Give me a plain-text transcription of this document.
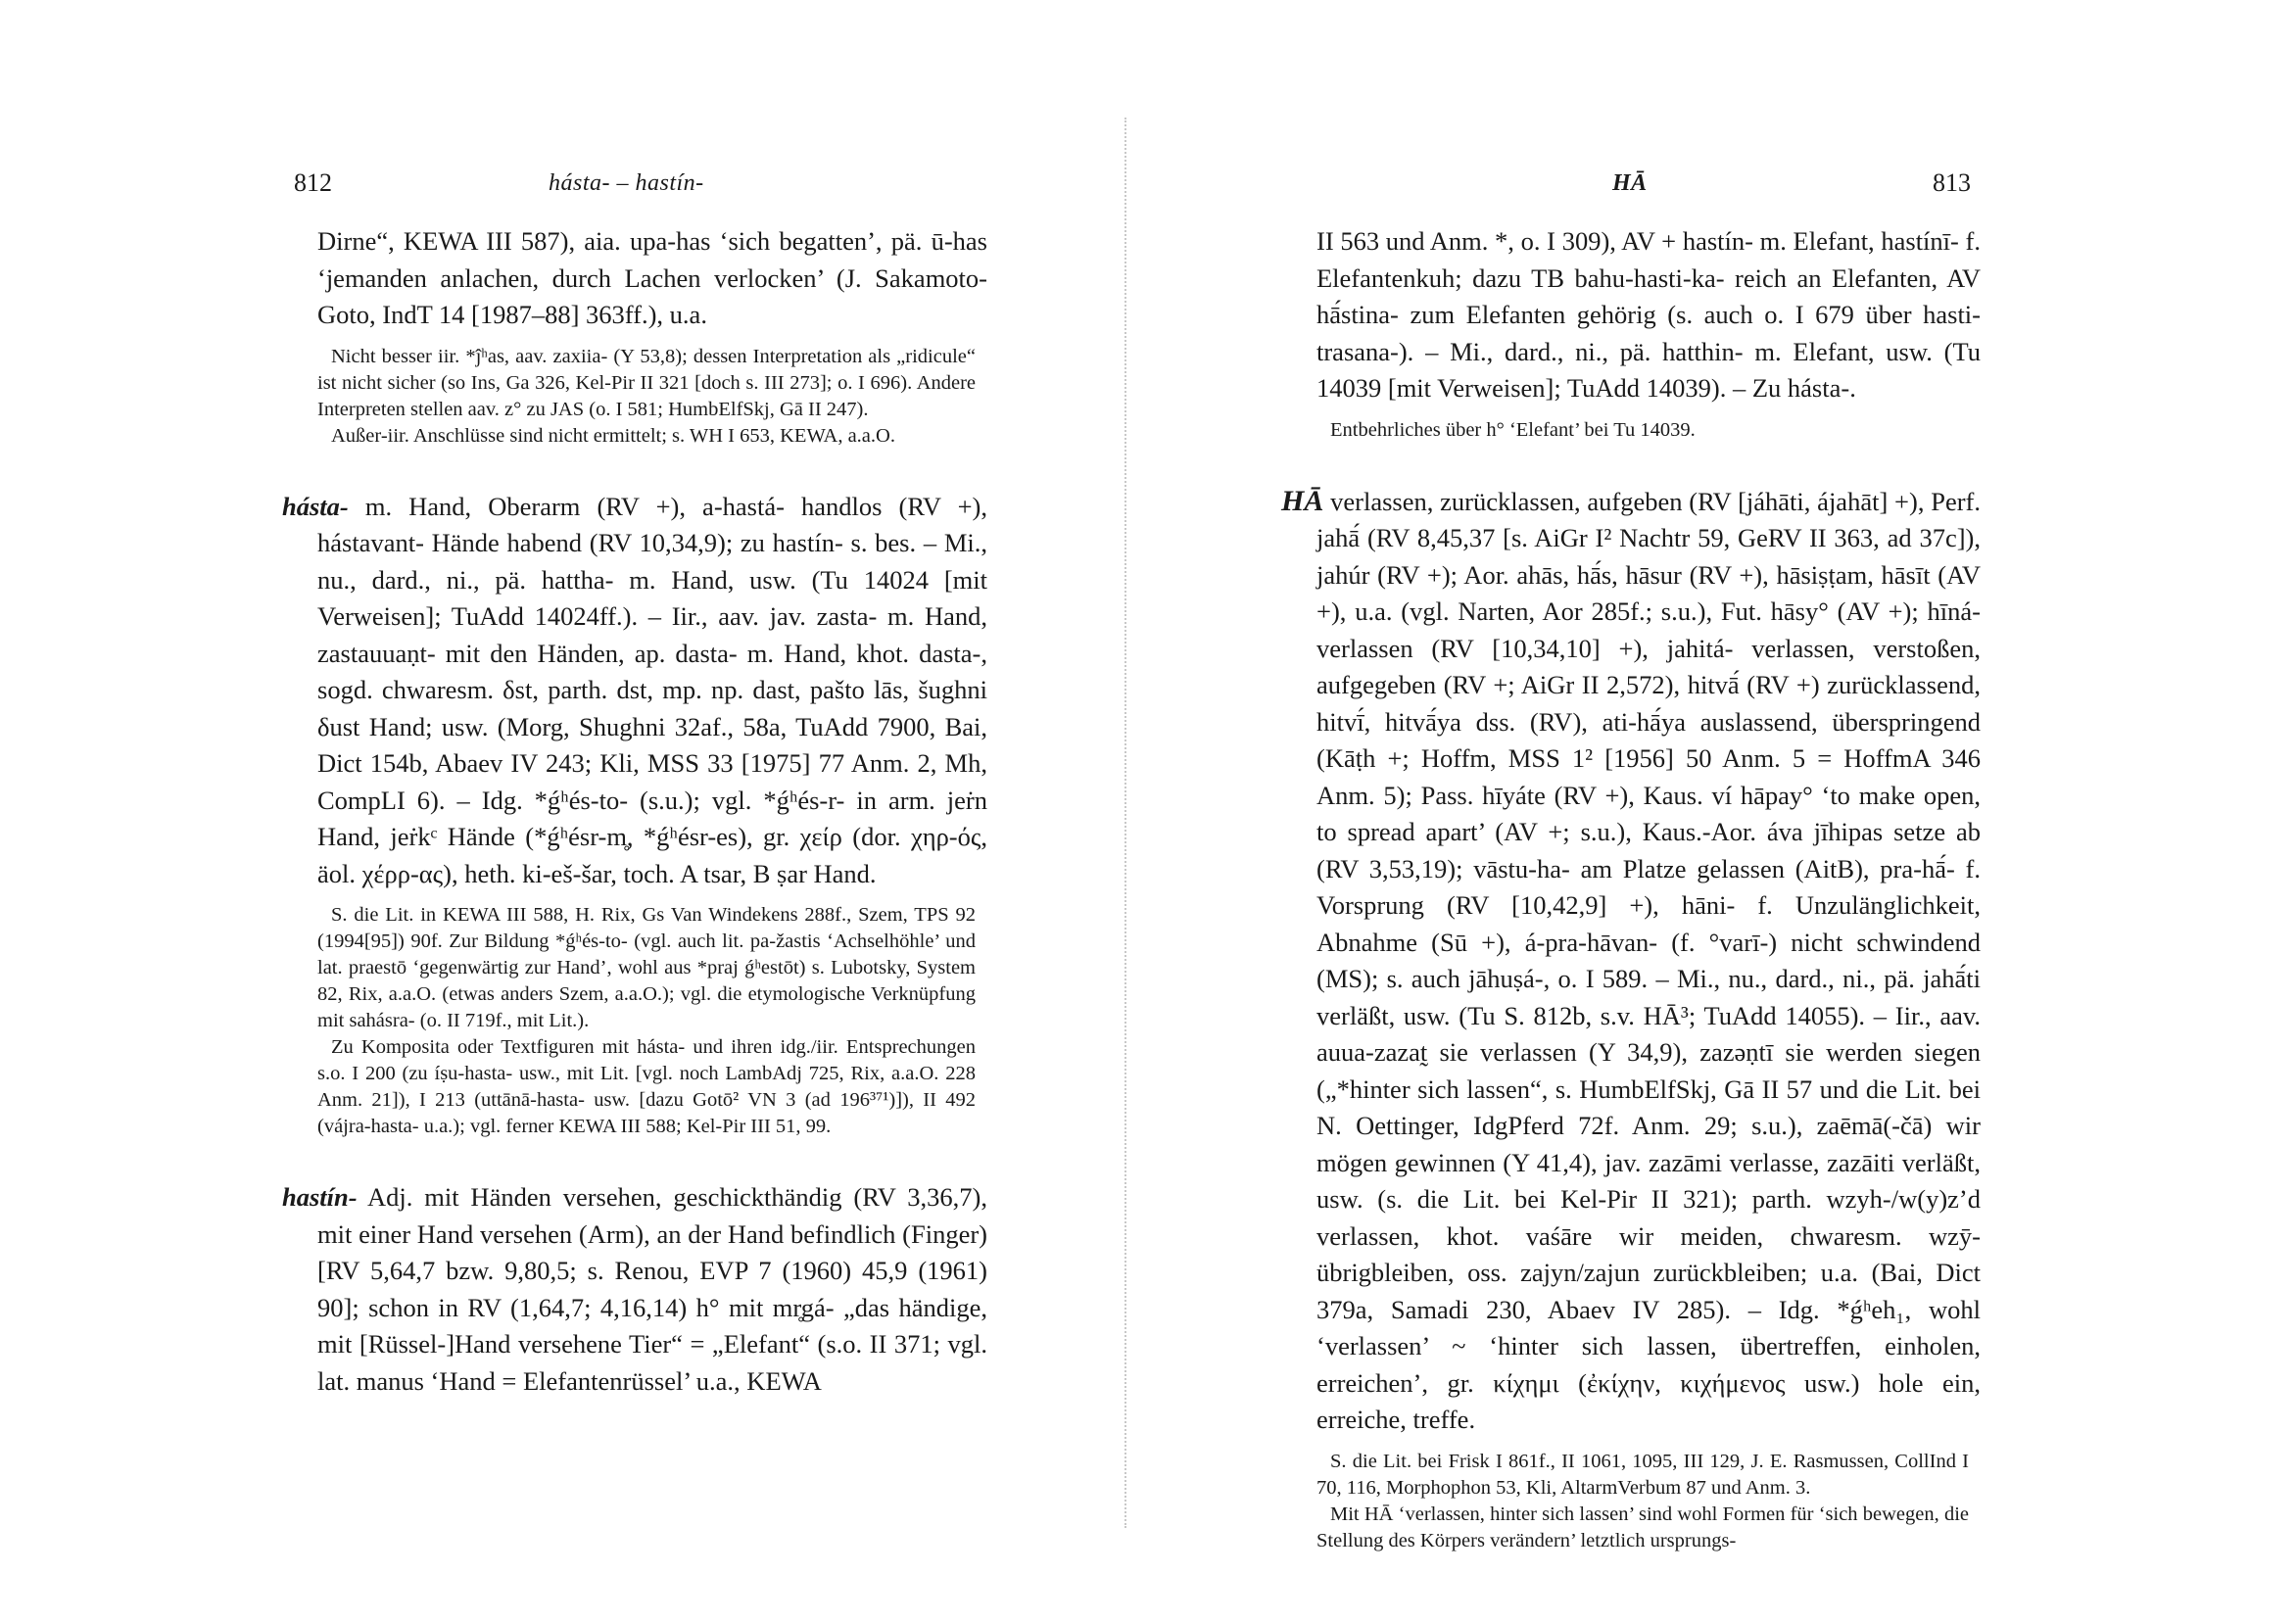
812	hásta- – hastín-

Dirne“, KEWA III 587), aia. upa-has ‘sich begatten’, pä. ū-has ‘jemanden anlachen, durch Lachen verlocken’ (J. Sakamoto-Goto, IndT 14 [1987–88] 363ff.), u.a.

Nicht besser iir. *ĵʰas, aav. zaxiia- (Y 53,8); dessen Interpretation als „ridicule“ ist nicht sicher (so Ins, Ga 326, Kel-Pir II 321 [doch s. III 273]; o. I 696). Andere Interpreten stellen aav. z° zu JAS (o. I 581; HumbElfSkj, Gā II 247).

Außer-iir. Anschlüsse sind nicht ermittelt; s. WH I 653, KEWA, a.a.O.

hásta- m. Hand, Oberarm (RV +), a-hastá- handlos (RV +), hástavant- Hände habend (RV 10,34,9); zu hastín- s. bes. – Mi., nu., dard., ni., pä. hattha- m. Hand, usw. (Tu 14024 [mit Verweisen]; TuAdd 14024ff.). – Iir., aav. jav. zasta- m. Hand, zastauuaṇt- mit den Händen, ap. dasta- m. Hand, khot. dasta-, sogd. chwaresm. δst, parth. dst, mp. np. dast, pašto lās, šughni δust Hand; usw. (Morg, Shughni 32af., 58a, TuAdd 7900, Bai, Dict 154b, Abaev IV 243; Kli, MSS 33 [1975] 77 Anm. 2, Mh, CompLI 6). – Idg. *ǵʰés-to- (s.u.); vgl. *ǵʰés-r- in arm. jeṙn Hand, jeṙkᶜ Hände (*ǵʰésr-m̥, *ǵʰésr-es), gr. χείρ (dor. χηρ-ός, äol. χέρρ-ας), heth. ki-eš-šar, toch. A tsar, B ṣar Hand.

S. die Lit. in KEWA III 588, H. Rix, Gs Van Windekens 288f., Szem, TPS 92 (1994[95]) 90f. Zur Bildung *ǵʰés-to- (vgl. auch lit. pa-žastis ‘Achselhöhle’ und lat. praestō ‘gegenwärtig zur Hand’, wohl aus *praj ǵʰestōt) s. Lubotsky, System 82, Rix, a.a.O. (etwas anders Szem, a.a.O.); vgl. die etymologische Verknüpfung mit sahásra- (o. II 719f., mit Lit.).

Zu Komposita oder Textfiguren mit hásta- und ihren idg./iir. Entsprechungen s.o. I 200 (zu íṣu-hasta- usw., mit Lit. [vgl. noch LambAdj 725, Rix, a.a.O. 228 Anm. 21]), I 213 (uttānā-hasta- usw. [dazu Gotō² VN 3 (ad 196³⁷¹)]), II 492 (vájra-hasta- u.a.); vgl. ferner KEWA III 588; Kel-Pir III 51, 99.

hastín- Adj. mit Händen versehen, geschickthändig (RV 3,36,7), mit einer Hand versehen (Arm), an der Hand befindlich (Finger) [RV 5,64,7 bzw. 9,80,5; s. Renou, EVP 7 (1960) 45,9 (1961) 90]; schon in RV (1,64,7; 4,16,14) h° mit mr̥gá- „das händige, mit [Rüssel-]Hand versehene Tier“ = „Elefant“ (s.o. II 371; vgl. lat. manus ‘Hand = Elefantenrüssel’ u.a., KEWA

HĀ	813

II 563 und Anm. *, o. I 309), AV + hastín- m. Elefant, hastínī- f. Elefantenkuh; dazu TB bahu-hasti-ka- reich an Elefanten, AV hā́stina- zum Elefanten gehörig (s. auch o. I 679 über hasti-trasana-). – Mi., dard., ni., pä. hatthin- m. Elefant, usw. (Tu 14039 [mit Verweisen]; TuAdd 14039). – Zu hásta-.

Entbehrliches über h° ‘Elefant’ bei Tu 14039.

HĀ verlassen, zurücklassen, aufgeben (RV [jáhāti, ájahāt] +), Perf. jahā́ (RV 8,45,37 [s. AiGr I² Nachtr 59, GeRV II 363, ad 37c]), jahúr (RV +); Aor. ahās, hā́s, hāsur (RV +), hāsiṣṭam, hāsīt (AV +), u.a. (vgl. Narten, Aor 285f.; s.u.), Fut. hāsy° (AV +); hīná- verlassen (RV [10,34,10] +), jahitá- verlassen, verstoßen, aufgegeben (RV +; AiGr II 2,572), hitvā́ (RV +) zurücklassend, hitvī́, hitvā́ya dss. (RV), ati-hā́ya auslassend, überspringend (Kāṭh +; Hoffm, MSS 1² [1956] 50 Anm. 5 = HoffmA 346 Anm. 5); Pass. hīyáte (RV +), Kaus. ví hāpay° ‘to make open, to spread apart’ (AV +; s.u.), Kaus.-Aor. áva jīhipas setze ab (RV 3,53,19); vāstu-ha- am Platze gelassen (AitB), pra-hā́- f. Vorsprung (RV [10,42,9] +), hāni- f. Unzulänglichkeit, Abnahme (Sū +), á-pra-hāvan- (f. °varī-) nicht schwindend (MS); s. auch jāhuṣá-, o. I 589. – Mi., nu., dard., ni., pä. jahā́ti verläßt, usw. (Tu S. 812b, s.v. HĀ³; TuAdd 14055). – Iir., aav. auua-zazat̰ sie verlassen (Y 34,9), zazəṇtī sie werden siegen („*hinter sich lassen“, s. HumbElfSkj, Gā II 57 und die Lit. bei N. Oettinger, IdgPferd 72f. Anm. 29; s.u.), zaēmā(-čā) wir mögen gewinnen (Y 41,4), jav. zazāmi verlasse, zazāiti verläßt, usw. (s. die Lit. bei Kel-Pir II 321); parth. wzyh-/w(y)z’d verlassen, khot. vaśāre wir meiden, chwaresm. wzȳ- übrigbleiben, oss. zajyn/zajun zurückbleiben; u.a. (Bai, Dict 379a, Samadi 230, Abaev IV 285). – Idg. *ǵʰeh₁, wohl ‘verlassen’ ~ ‘hinter sich lassen, übertreffen, einholen, erreichen’, gr. κίχημι (ἐκίχην, κιχήμενος usw.) hole ein, erreiche, treffe.

S. die Lit. bei Frisk I 861f., II 1061, 1095, III 129, J. E. Rasmussen, CollInd I 70, 116, Morphophon 53, Kli, AltarmVerbum 87 und Anm. 3.

Mit HĀ ‘verlassen, hinter sich lassen’ sind wohl Formen für ‘sich bewegen, die Stellung des Körpers verändern’ letztlich ursprungs-
